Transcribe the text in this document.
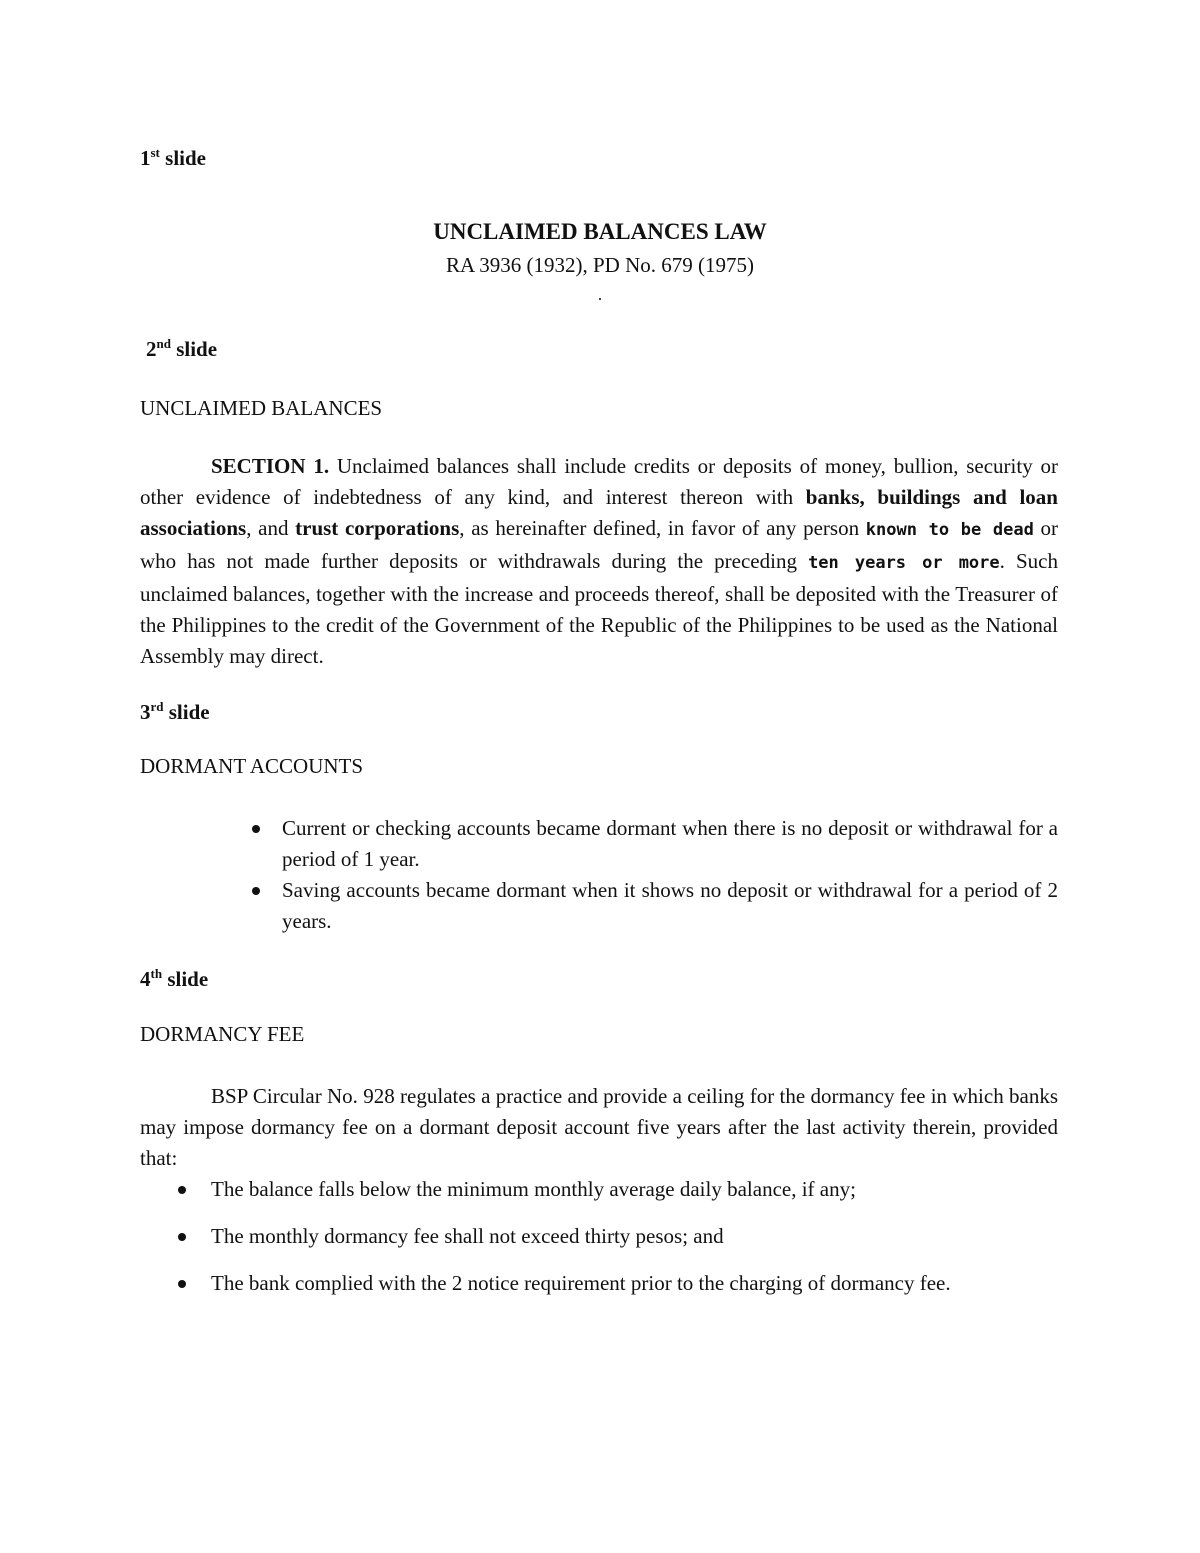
1st slide

UNCLAIMED BALANCES LAW

RA 3936 (1932), PD No. 679 (1975)

2nd slide

UNCLAIMED BALANCES

SECTION 1. Unclaimed balances shall include credits or deposits of money, bullion, security or other evidence of indebtedness of any kind, and interest thereon with banks, buildings and loan associations, and trust corporations, as hereinafter defined, in favor of any person known to be dead or who has not made further deposits or withdrawals during the preceding ten years or more. Such unclaimed balances, together with the increase and proceeds thereof, shall be deposited with the Treasurer of the Philippines to the credit of the Government of the Republic of the Philippines to be used as the National Assembly may direct.

3rd slide

DORMANT ACCOUNTS

Current or checking accounts became dormant when there is no deposit or withdrawal for a period of 1 year.
Saving accounts became dormant when it shows no deposit or withdrawal for a period of 2 years.

4th slide

DORMANCY FEE

BSP Circular No. 928 regulates a practice and provide a ceiling for the dormancy fee in which banks may impose dormancy fee on a dormant deposit account five years after the last activity therein, provided that:

The balance falls below the minimum monthly average daily balance, if any;
The monthly dormancy fee shall not exceed thirty pesos; and
The bank complied with the 2 notice requirement prior to the charging of dormancy fee.
